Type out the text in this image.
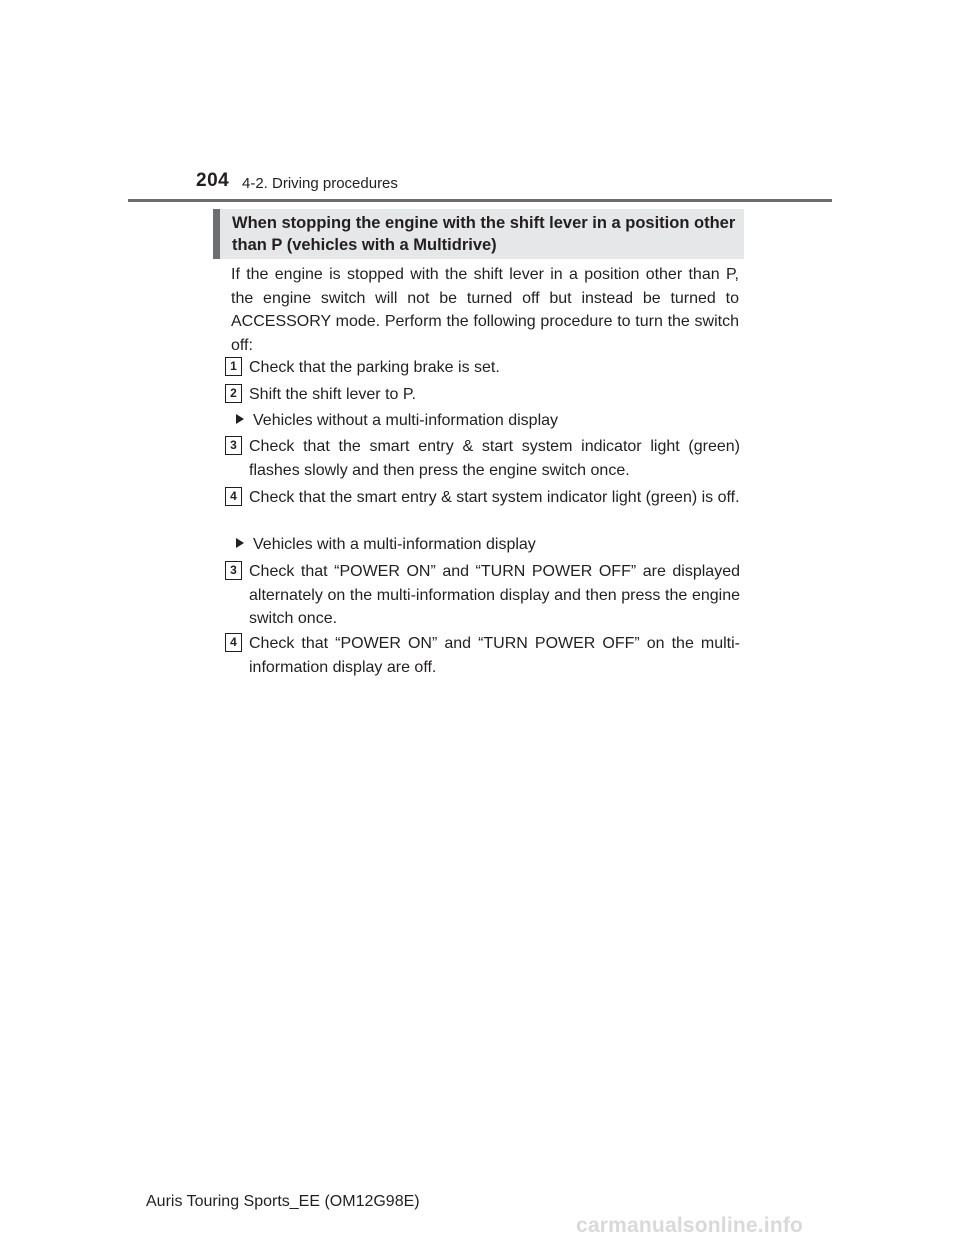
204 4-2. Driving procedures
When stopping the engine with the shift lever in a position other than P (vehicles with a Multidrive)
If the engine is stopped with the shift lever in a position other than P, the engine switch will not be turned off but instead be turned to ACCESSORY mode. Perform the following procedure to turn the switch off:
1 Check that the parking brake is set.
2 Shift the shift lever to P.
Vehicles without a multi-information display
3 Check that the smart entry & start system indicator light (green) flashes slowly and then press the engine switch once.
4 Check that the smart entry & start system indicator light (green) is off.
Vehicles with a multi-information display
3 Check that “POWER ON” and “TURN POWER OFF” are displayed alternately on the multi-information display and then press the engine switch once.
4 Check that “POWER ON” and “TURN POWER OFF” on the multi-information display are off.
Auris Touring Sports_EE (OM12G98E)
carmanualsonline.info
